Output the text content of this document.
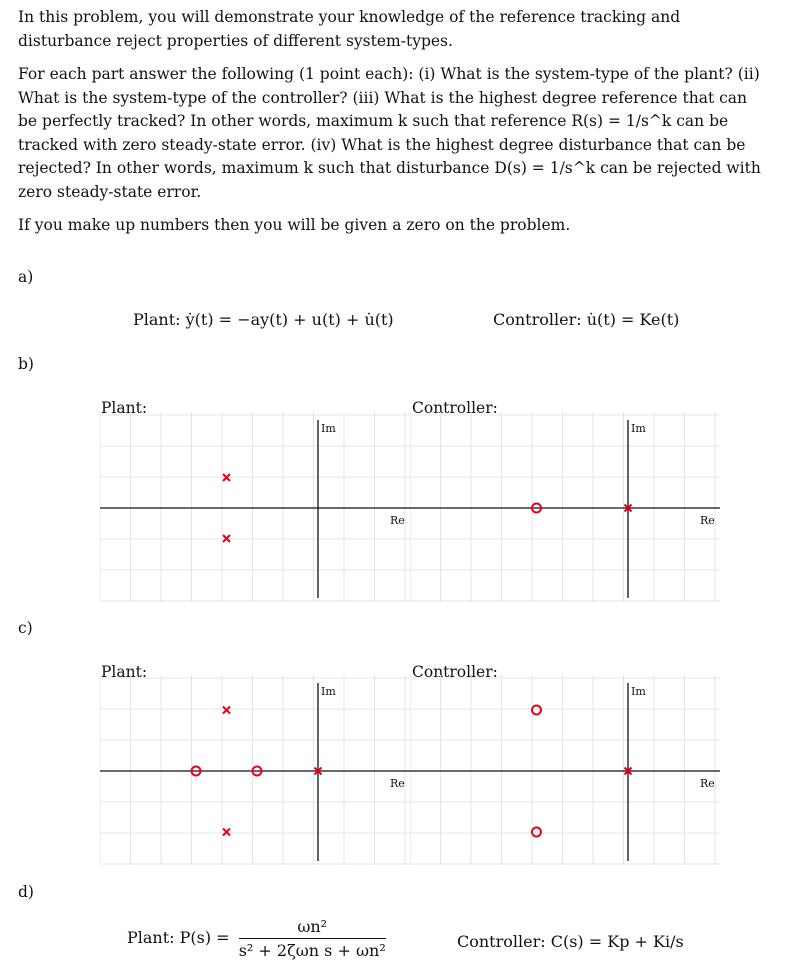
In this problem, you will demonstrate your knowledge of the reference tracking and disturbance reject properties of different system-types.

For each part answer the following (1 point each): (i) What is the system-type of the plant? (ii) What is the system-type of the controller? (iii) What is the highest degree reference that can be perfectly tracked? In other words, maximum k such that reference R(s) = 1/s^k can be tracked with zero steady-state error. (iv) What is the highest degree disturbance that can be rejected? In other words, maximum k such that disturbance D(s) = 1/s^k can be rejected with zero steady-state error.

If you make up numbers then you will be given a zero on the problem.

a)
Plant: ẏ(t) = −ay(t) + u(t) + u̇(t)	Controller: u̇(t) = Ke(t)
b)
Plant:	Controller:
Re
Im
Re
Im
c)
Plant:	Controller:
Re
Im
Re
Im
d)
Plant: $P(s) = \frac{\text{ωn²}}{\text{s² + 2ζωn s + ωn²}}$	Controller: C(s) = Kp + Ki/s
